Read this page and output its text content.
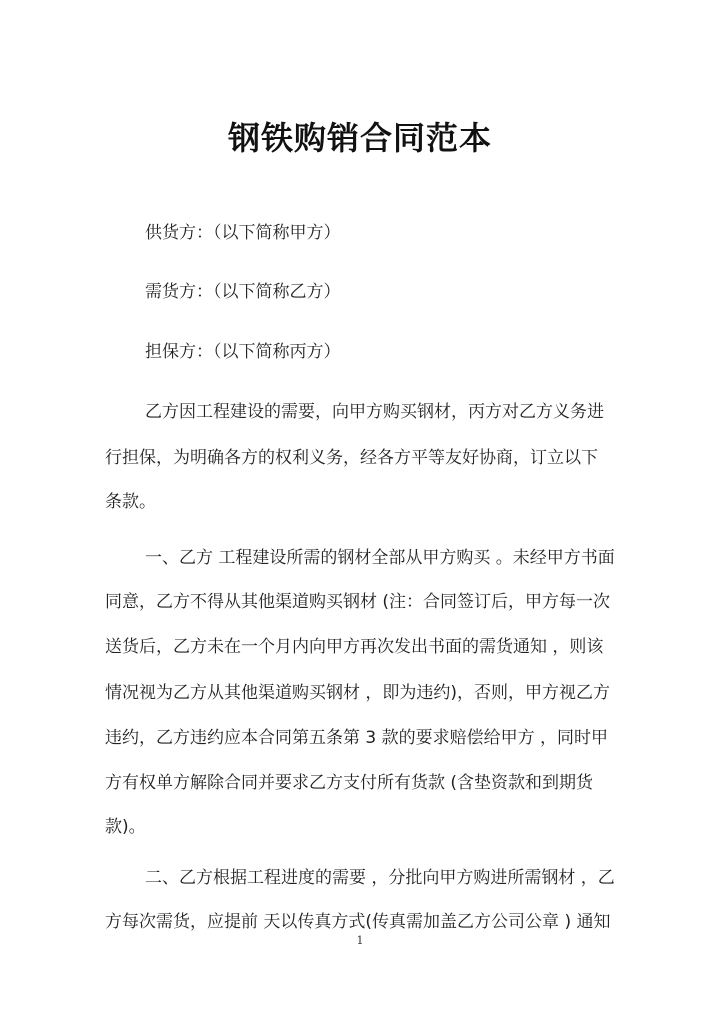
钢铁购销合同范本
供货方：（以下简称甲方）
需货方：（以下简称乙方）
担保方：（以下简称丙方）
乙方因工程建设的需要，向甲方购买钢材，丙方对乙方义务进
行担保，为明确各方的权利义务，经各方平等友好协商，订立以下
条款。
一、乙方 工程建设所需的钢材全部从甲方购买 。未经甲方书面
同意，乙方不得从其他渠道购买钢材 (注：合同签订后，甲方每一次
送货后，乙方未在一个月内向甲方再次发出书面的需货通知 ，则该
情况视为乙方从其他渠道购买钢材 ，即为违约)，否则，甲方视乙方
违约，乙方违约应本合同第五条第 3 款的要求赔偿给甲方 ，同时甲
方有权单方解除合同并要求乙方支付所有货款 (含垫资款和到期货
款)。
二、乙方根据工程进度的需要 ，分批向甲方购进所需钢材 ，乙
方每次需货，应提前 天以传真方式(传真需加盖乙方公司公章 ) 通知
1
